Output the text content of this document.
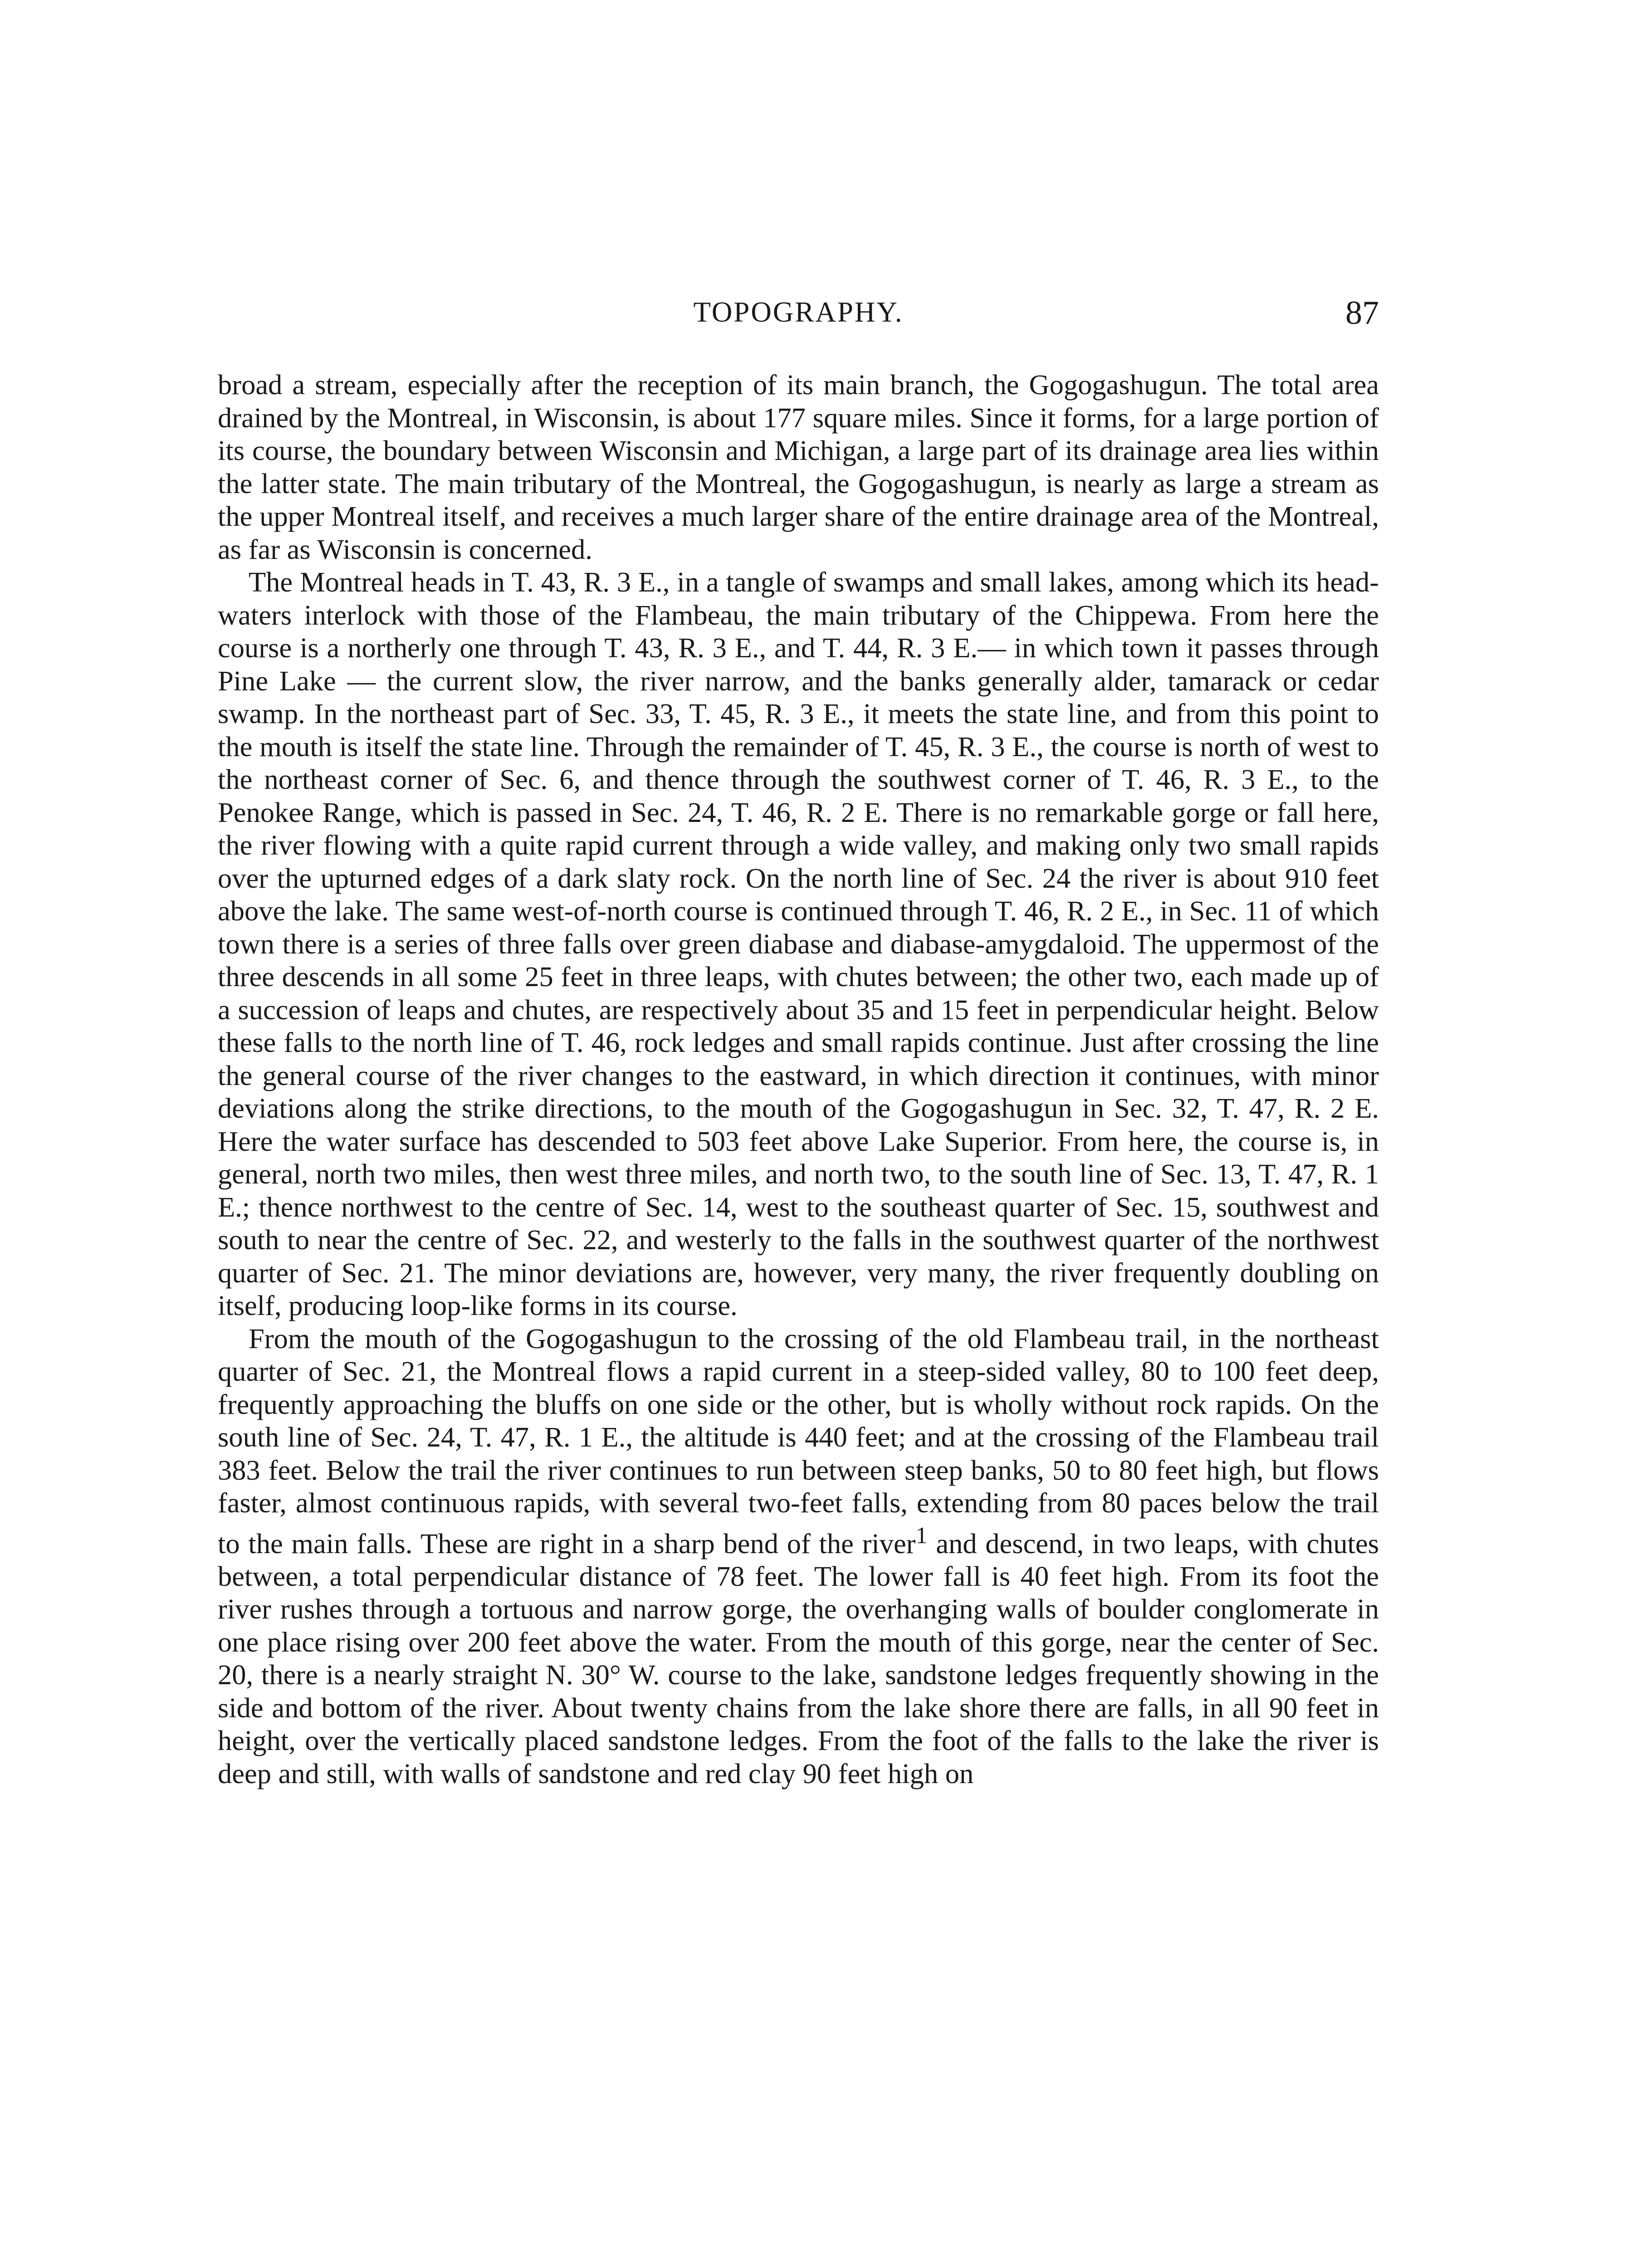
TOPOGRAPHY.	87

broad a stream, especially after the reception of its main branch, the Gogogashugun. The total area drained by the Montreal, in Wisconsin, is about 177 square miles. Since it forms, for a large portion of its course, the boundary between Wisconsin and Michigan, a large part of its drainage area lies within the latter state. The main tributary of the Montreal, the Gogogashugun, is nearly as large a stream as the upper Montreal itself, and receives a much larger share of the entire drainage area of the Montreal, as far as Wisconsin is concerned.

The Montreal heads in T. 43, R. 3 E., in a tangle of swamps and small lakes, among which its head-waters interlock with those of the Flambeau, the main tributary of the Chippewa. From here the course is a northerly one through T. 43, R. 3 E., and T. 44, R. 3 E.— in which town it passes through Pine Lake — the current slow, the river narrow, and the banks generally alder, tamarack or cedar swamp. In the northeast part of Sec. 33, T. 45, R. 3 E., it meets the state line, and from this point to the mouth is itself the state line. Through the remainder of T. 45, R. 3 E., the course is north of west to the northeast corner of Sec. 6, and thence through the southwest corner of T. 46, R. 3 E., to the Penokee Range, which is passed in Sec. 24, T. 46, R. 2 E. There is no remarkable gorge or fall here, the river flowing with a quite rapid current through a wide valley, and making only two small rapids over the upturned edges of a dark slaty rock. On the north line of Sec. 24 the river is about 910 feet above the lake. The same west-of-north course is continued through T. 46, R. 2 E., in Sec. 11 of which town there is a series of three falls over green diabase and diabase-amygdaloid. The uppermost of the three descends in all some 25 feet in three leaps, with chutes between; the other two, each made up of a succession of leaps and chutes, are respectively about 35 and 15 feet in perpendicular height. Below these falls to the north line of T. 46, rock ledges and small rapids continue. Just after crossing the line the general course of the river changes to the eastward, in which direction it continues, with minor deviations along the strike directions, to the mouth of the Gogogashugun in Sec. 32, T. 47, R. 2 E. Here the water surface has descended to 503 feet above Lake Superior. From here, the course is, in general, north two miles, then west three miles, and north two, to the south line of Sec. 13, T. 47, R. 1 E.; thence northwest to the centre of Sec. 14, west to the southeast quarter of Sec. 15, southwest and south to near the centre of Sec. 22, and westerly to the falls in the southwest quarter of the northwest quarter of Sec. 21. The minor deviations are, however, very many, the river frequently doubling on itself, producing loop-like forms in its course.

From the mouth of the Gogogashugun to the crossing of the old Flambeau trail, in the northeast quarter of Sec. 21, the Montreal flows a rapid current in a steep-sided valley, 80 to 100 feet deep, frequently approaching the bluffs on one side or the other, but is wholly without rock rapids. On the south line of Sec. 24, T. 47, R. 1 E., the altitude is 440 feet; and at the crossing of the Flambeau trail 383 feet. Below the trail the river continues to run between steep banks, 50 to 80 feet high, but flows faster, almost continuous rapids, with several two-feet falls, extending from 80 paces below the trail to the main falls. These are right in a sharp bend of the river$^1$ and descend, in two leaps, with chutes between, a total perpendicular distance of 78 feet. The lower fall is 40 feet high. From its foot the river rushes through a tortuous and narrow gorge, the overhanging walls of boulder conglomerate in one place rising over 200 feet above the water. From the mouth of this gorge, near the center of Sec. 20, there is a nearly straight N. 30° W. course to the lake, sandstone ledges frequently showing in the side and bottom of the river. About twenty chains from the lake shore there are falls, in all 90 feet in height, over the vertically placed sandstone ledges. From the foot of the falls to the lake the river is deep and still, with walls of sandstone and red clay 90 feet high on
